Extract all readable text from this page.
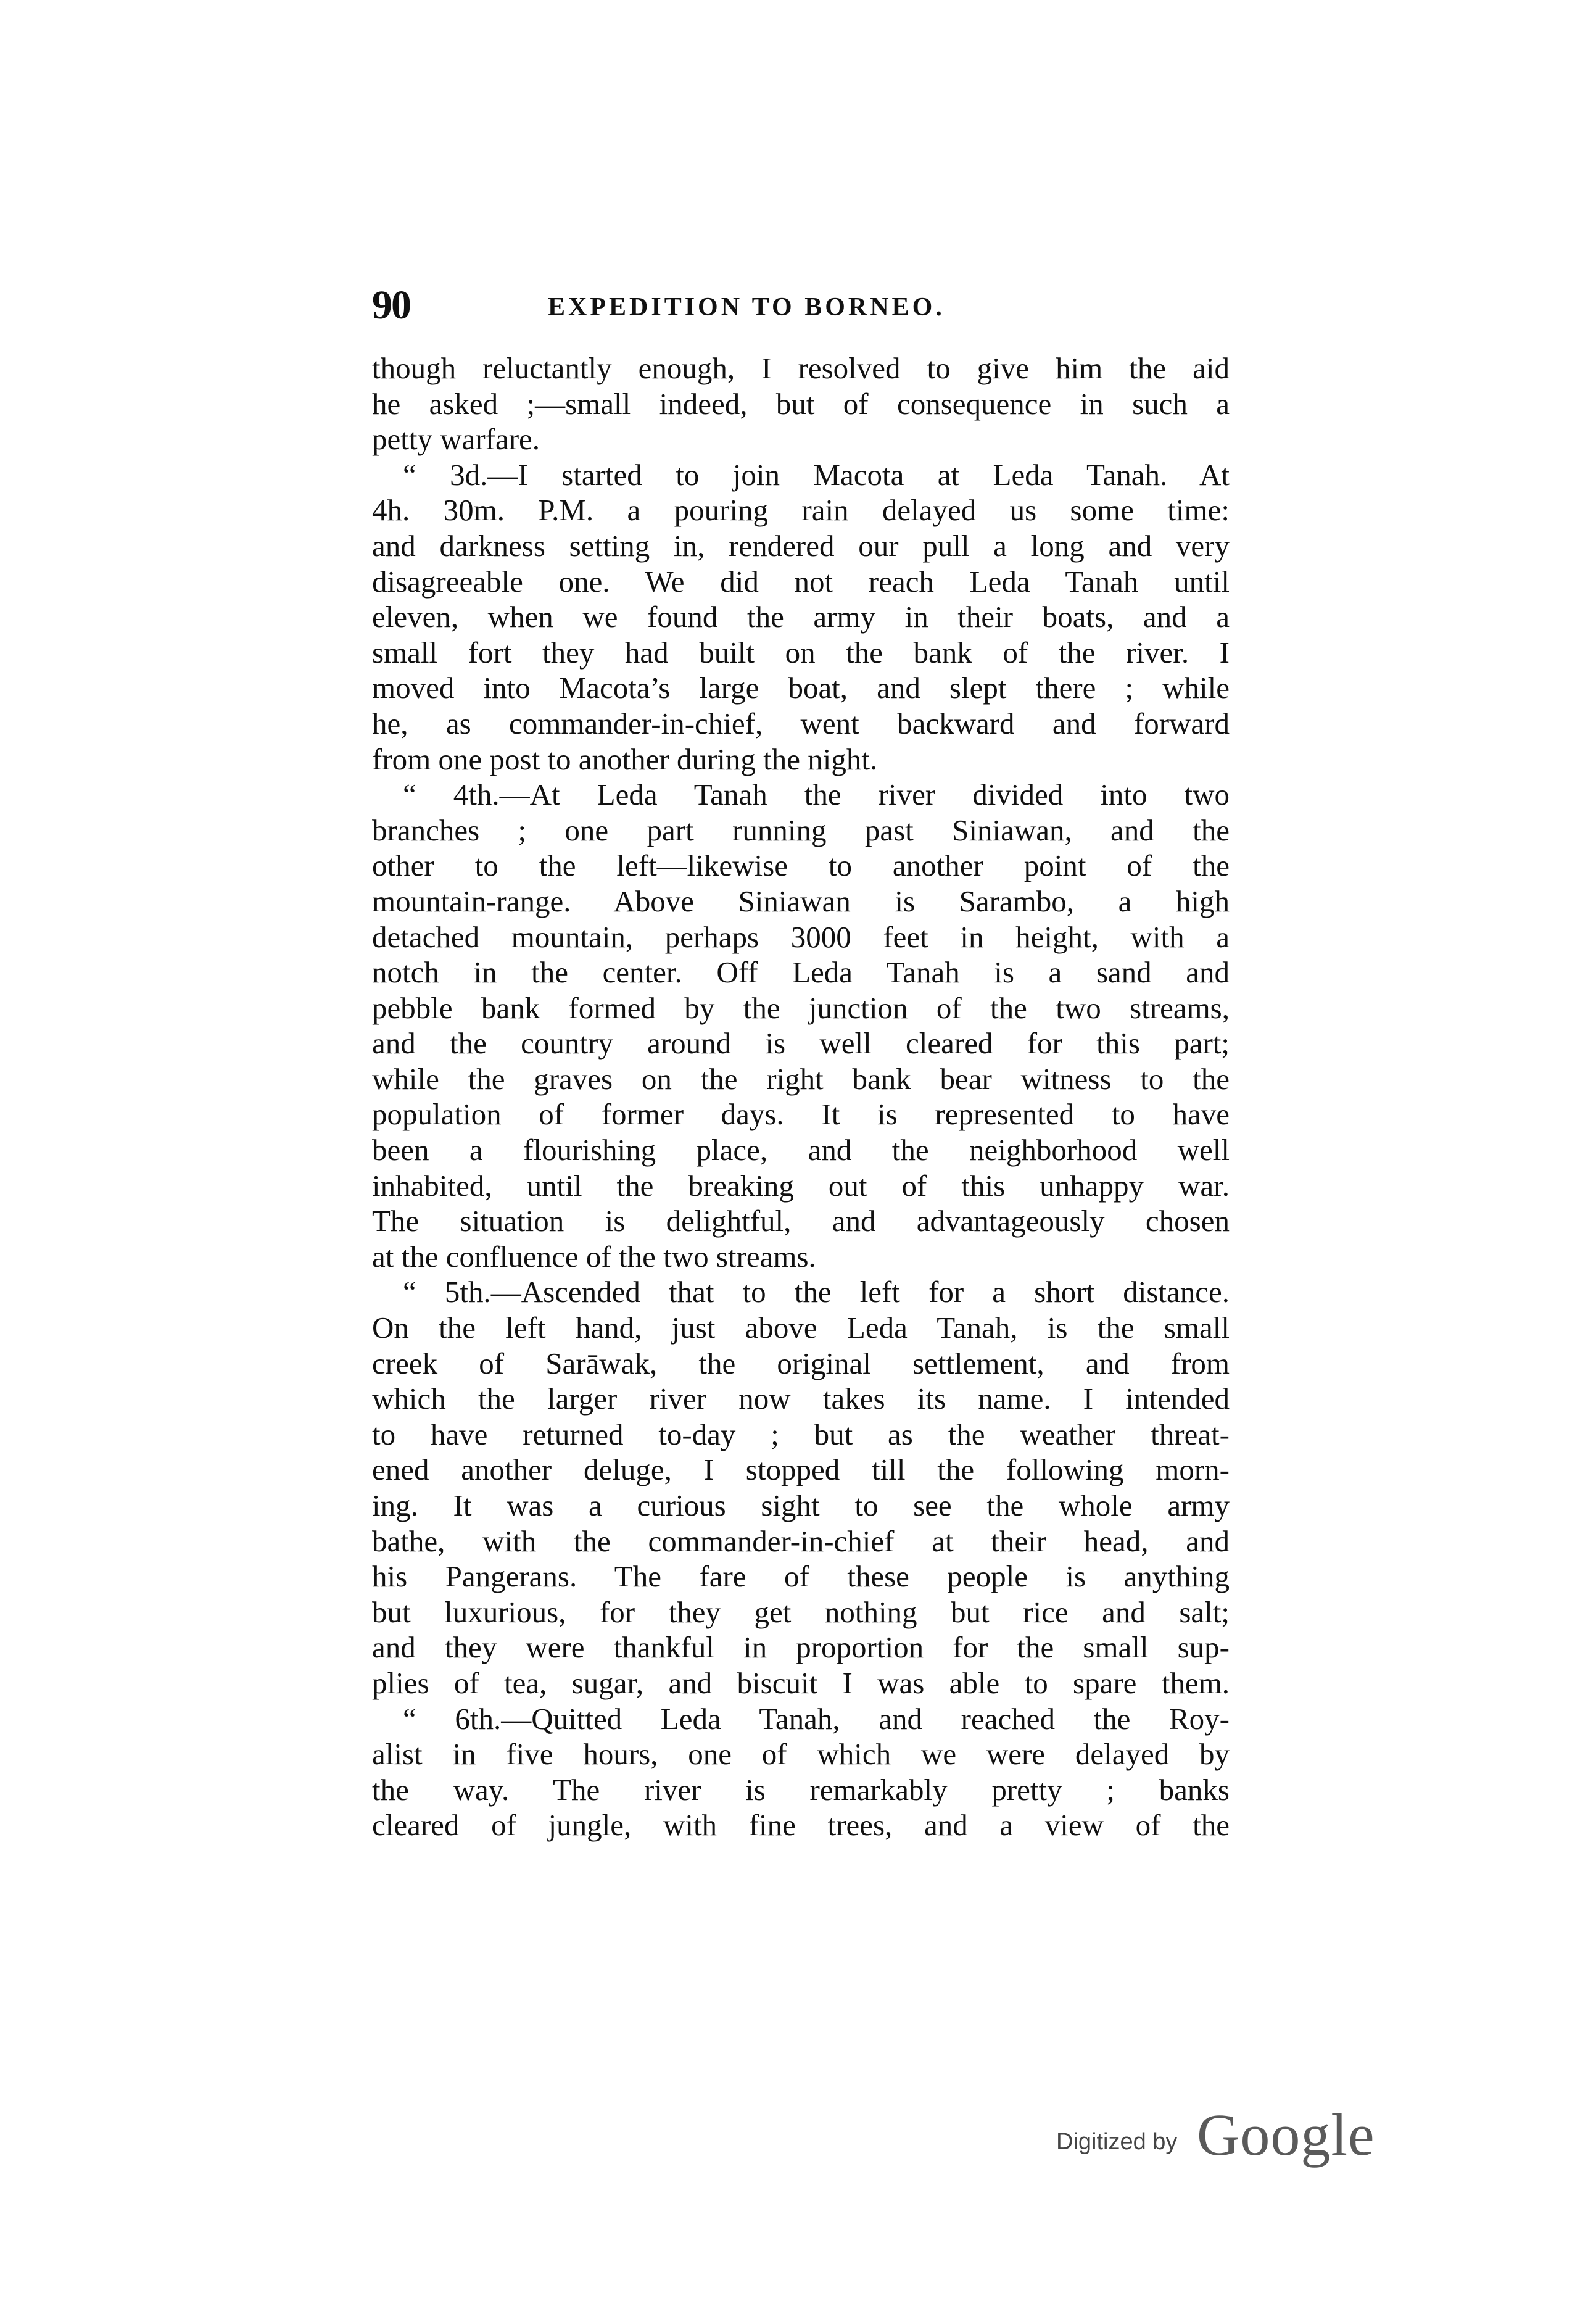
90	EXPEDITION TO BORNEO.
though reluctantly enough, I resolved to give him the aid
he asked ;—small indeed, but of consequence in such a
petty warfare.
“ 3d.—I started to join Macota at Leda Tanah. At
4h. 30m. P.M. a pouring rain delayed us some time:
and darkness setting in, rendered our pull a long and very
disagreeable one. We did not reach Leda Tanah until
eleven, when we found the army in their boats, and a
small fort they had built on the bank of the river. I
moved into Macota’s large boat, and slept there ; while
he, as commander-in-chief, went backward and forward
from one post to another during the night.
“ 4th.—At Leda Tanah the river divided into two
branches ; one part running past Siniawan, and the
other to the left—likewise to another point of the
mountain-range. Above Siniawan is Sarambo, a high
detached mountain, perhaps 3000 feet in height, with a
notch in the center. Off Leda Tanah is a sand and
pebble bank formed by the junction of the two streams,
and the country around is well cleared for this part;
while the graves on the right bank bear witness to the
population of former days. It is represented to have
been a flourishing place, and the neighborhood well
inhabited, until the breaking out of this unhappy war.
The situation is delightful, and advantageously chosen
at the confluence of the two streams.
“ 5th.—Ascended that to the left for a short distance.
On the left hand, just above Leda Tanah, is the small
creek of Sarāwak, the original settlement, and from
which the larger river now takes its name. I intended
to have returned to-day ; but as the weather threat-
ened another deluge, I stopped till the following morn-
ing. It was a curious sight to see the whole army
bathe, with the commander-in-chief at their head, and
his Pangerans. The fare of these people is anything
but luxurious, for they get nothing but rice and salt;
and they were thankful in proportion for the small sup-
plies of tea, sugar, and biscuit I was able to spare them.
“ 6th.—Quitted Leda Tanah, and reached the Roy-
alist in five hours, one of which we were delayed by
the way. The river is remarkably pretty ; banks
cleared of jungle, with fine trees, and a view of the
Digitized by Google
